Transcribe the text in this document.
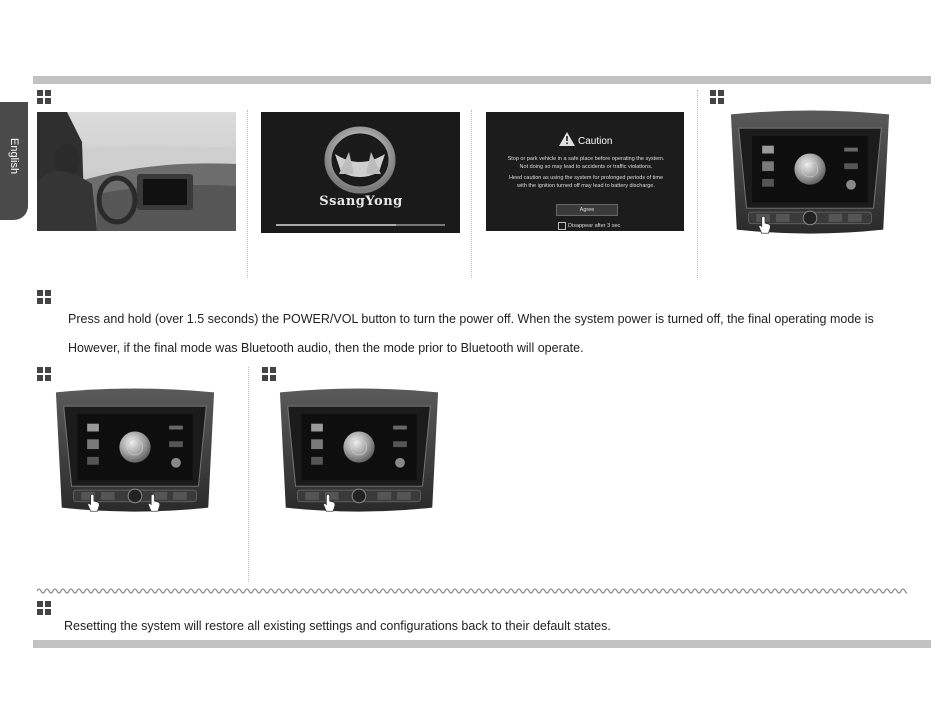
English
SsangYong
Caution
Stop or park vehicle in a safe place before operating the system.
Not doing so may lead to accidents or traffic violations.
Heed caution as using the system for prolonged periods of time
with the ignition turned off may lead to battery discharge.
Agree
Disappear after 3 sec
Press and hold (over 1.5 seconds) the POWER/VOL button to turn the power off. When the system power is turned off, the final operating mode is
However, if the final mode was Bluetooth audio, then the mode prior to Bluetooth will operate.
Resetting the system will restore all existing settings and configurations back to their default states.
